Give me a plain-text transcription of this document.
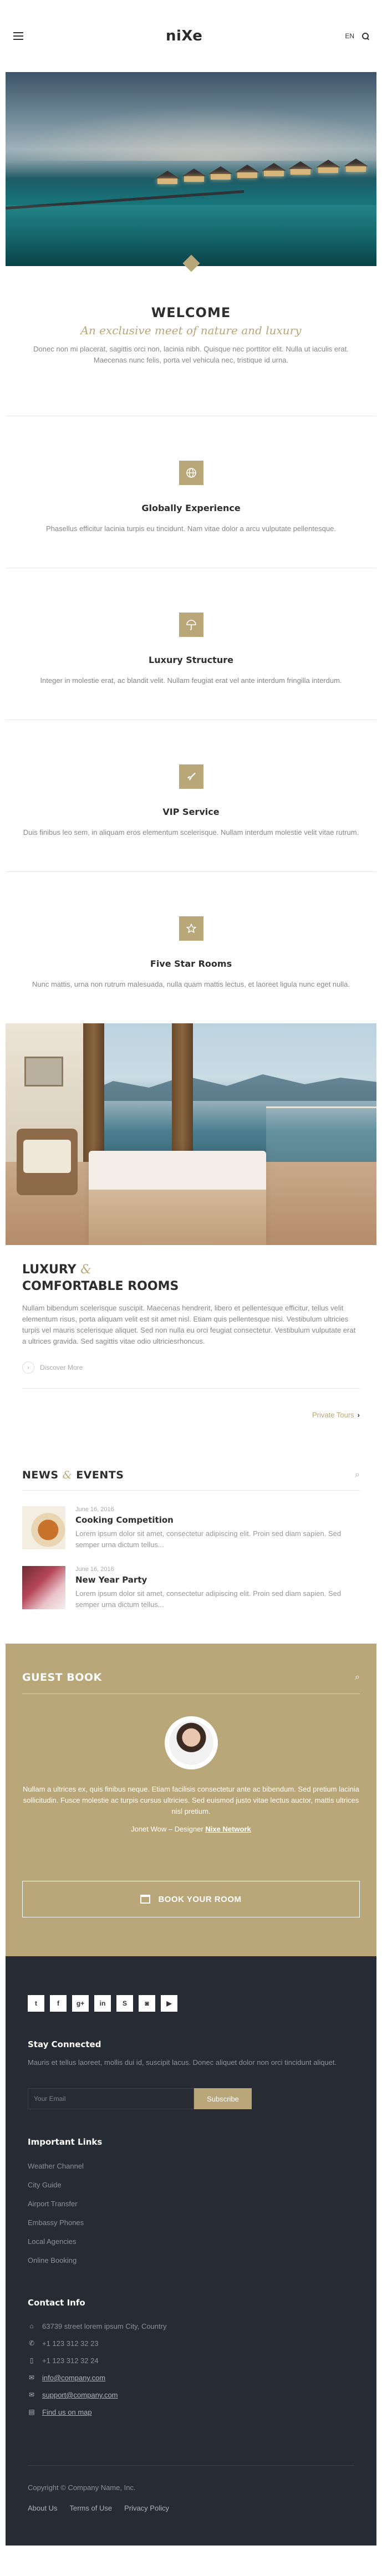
niXe	EN
WELCOME
An exclusive meet of nature and luxury

Donec non mi placerat, sagittis orci non, lacinia nibh. Quisque nec porttitor elit. Nulla ut iaculis erat. Maecenas nunc felis, porta vel vehicula nec, tristique id urna.

Globally Experience

Phasellus efficitur lacinia turpis eu tincidunt. Nam vitae dolor a arcu vulputate pellentesque.

Luxury Structure

Integer in molestie erat, ac blandit velit. Nullam feugiat erat vel ante interdum fringilla interdum.

VIP Service

Duis finibus leo sem, in aliquam eros elementum scelerisque. Nullam interdum molestie velit vitae rutrum.

Five Star Rooms

Nunc mattis, urna non rutrum malesuada, nulla quam mattis lectus, et laoreet ligula nunc eget nulla.

LUXURY &
COMFORTABLE ROOMS

Nullam bibendum scelerisque suscipit. Maecenas hendrerit, libero et pellentesque efficitur, tellus velit elementum risus, porta aliquam velit est sit amet nisl. Etiam quis pellentesque nisi. Vestibulum ultricies turpis vel mauris scelerisque aliquet. Sed non nulla eu orci feugiat consectetur. Vestibulum vulputate erat a ultrices gravida. Sed sagittis vitae odio ultriciesrhoncus.

›	Discover More
Private Tours ›
NEWS & EVENTS	⌕
June 16, 2016
Cooking Competition

Lorem ipsum dolor sit amet, consectetur adipiscing elit. Proin sed diam sapien. Sed semper urna dictum tellus...

June 16, 2016
New Year Party

Lorem ipsum dolor sit amet, consectetur adipiscing elit. Proin sed diam sapien. Sed semper urna dictum tellus...

GUEST BOOK	⌕

Nullam a ultrices ex, quis finibus neque. Etiam facilisis consectetur ante ac bibendum. Sed pretium lacinia sollicitudin. Fusce molestie ac turpis cursus ultricies. Sed euismod justo vitae lectus auctor, mattis ultrices nisl pretium.

Jonet Wow – Designer Nixe Network

BOOK YOUR ROOM
t	f	g+	in	S	◙	▶
Stay Connected

Mauris et tellus laoreet, mollis dui id, suscipit lacus. Donec aliquet dolor non orci tincidunt aliquet.

Your Email
Subscribe
Important Links
Weather Channel
City Guide
Airport Transfer
Embassy Phones
Local Agencies
Online Booking
Contact Info
⌂ 63739 street lorem ipsum City, Country
✆ +1 123 312 32 23
▯ +1 123 312 32 24
✉ info@company.com
✉ support@company.com
▤ Find us on map

Copyright © Company Name, Inc.

About Us Terms of Use Privacy Policy
